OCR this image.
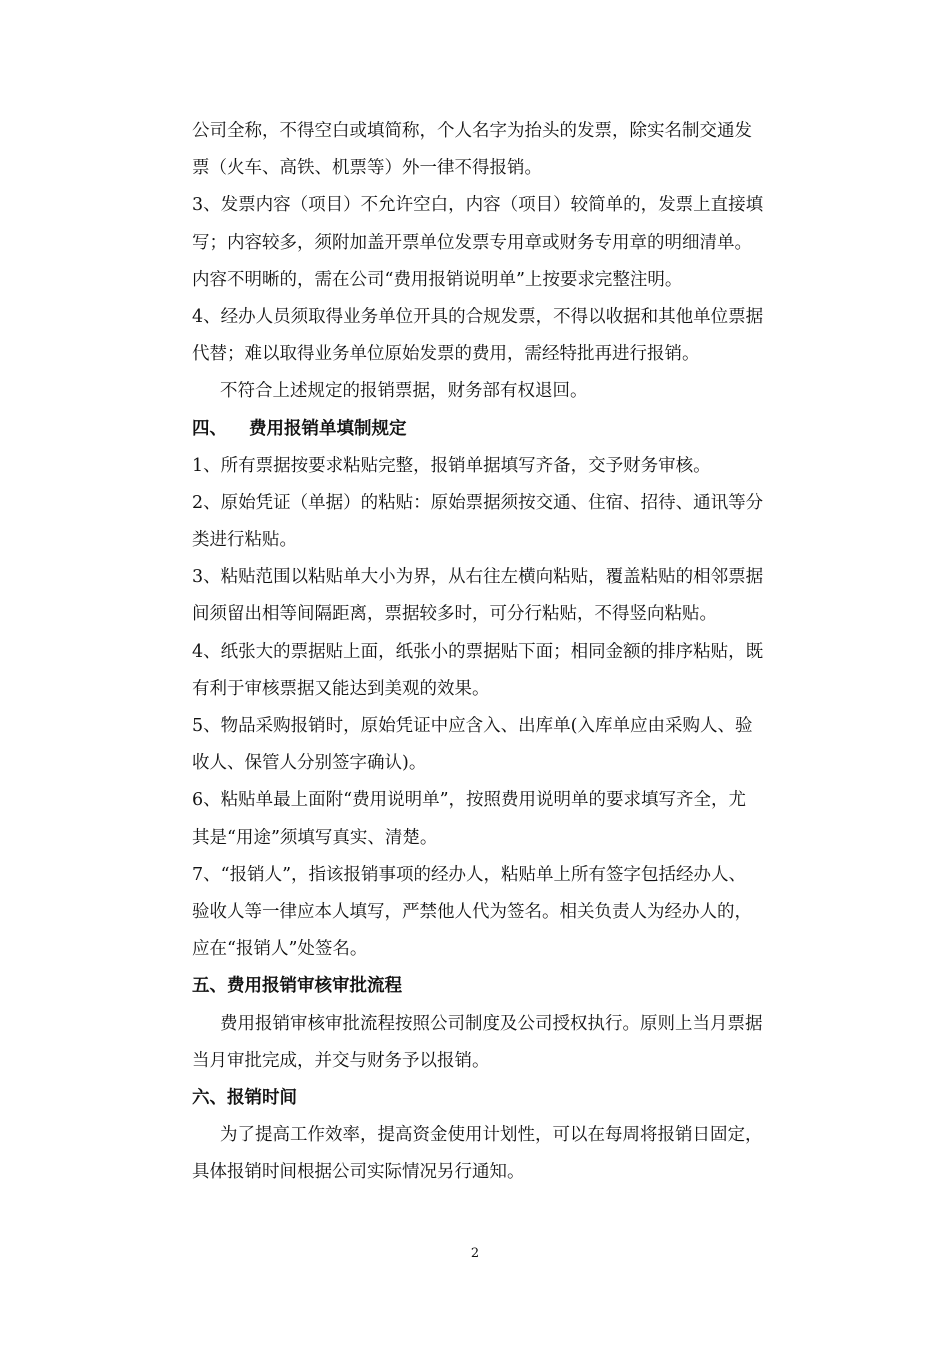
公司全称，不得空白或填简称，个人名字为抬头的发票，除实名制交通发
票（火车、高铁、机票等）外一律不得报销。
3、发票内容（项目）不允许空白，内容（项目）较简单的，发票上直接填
写；内容较多，须附加盖开票单位发票专用章或财务专用章的明细清单。
内容不明晰的，需在公司“费用报销说明单”上按要求完整注明。
4、经办人员须取得业务单位开具的合规发票，不得以收据和其他单位票据
代替；难以取得业务单位原始发票的费用，需经特批再进行报销。
不符合上述规定的报销票据，财务部有权退回。
四、 费用报销单填制规定
1、所有票据按要求粘贴完整，报销单据填写齐备，交予财务审核。
2、原始凭证（单据）的粘贴：原始票据须按交通、住宿、招待、通讯等分
类进行粘贴。
3、粘贴范围以粘贴单大小为界，从右往左横向粘贴，覆盖粘贴的相邻票据
间须留出相等间隔距离，票据较多时，可分行粘贴，不得竖向粘贴。
4、纸张大的票据贴上面，纸张小的票据贴下面；相同金额的排序粘贴，既
有利于审核票据又能达到美观的效果。
5、物品采购报销时，原始凭证中应含入、出库单(入库单应由采购人、验
收人、保管人分别签字确认)。
6、粘贴单最上面附“费用说明单”，按照费用说明单的要求填写齐全，尤
其是“用途”须填写真实、清楚。
7、“报销人”，指该报销事项的经办人，粘贴单上所有签字包括经办人、
验收人等一律应本人填写，严禁他人代为签名。相关负责人为经办人的，
应在“报销人”处签名。
五、费用报销审核审批流程
费用报销审核审批流程按照公司制度及公司授权执行。原则上当月票据
当月审批完成，并交与财务予以报销。
六、报销时间
为了提高工作效率，提高资金使用计划性，可以在每周将报销日固定，
具体报销时间根据公司实际情况另行通知。
2
